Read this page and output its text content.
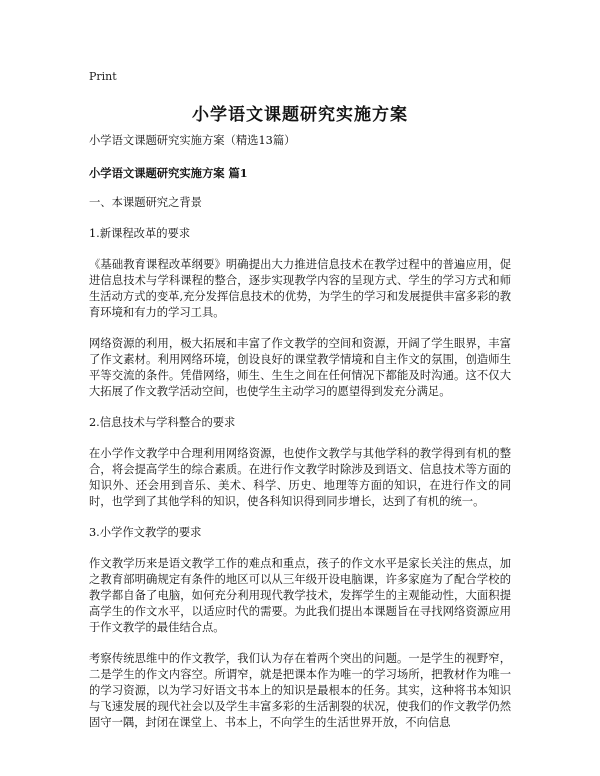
Print
小学语文课题研究实施方案

小学语文课题研究实施方案（精选13篇）

小学语文课题研究实施方案 篇1

一、本课题研究之背景

1.新课程改革的要求

《基础教育课程改革纲要》明确提出大力推进信息技术在教学过程中的普遍应用，促进信息技术与学科课程的整合，逐步实现教学内容的呈现方式、学生的学习方式和师生活动方式的变革,充分发挥信息技术的优势，为学生的学习和发展提供丰富多彩的教育环境和有力的学习工具。

网络资源的利用，极大拓展和丰富了作文教学的空间和资源，开阔了学生眼界，丰富了作文素材。利用网络环境，创设良好的课堂教学情境和自主作文的氛围，创造师生平等交流的条件。凭借网络，师生、生生之间在任何情况下都能及时沟通。这不仅大大拓展了作文教学活动空间，也使学生主动学习的愿望得到发充分满足。

2.信息技术与学科整合的要求

在小学作文教学中合理利用网络资源，也使作文教学与其他学科的教学得到有机的整合，将会提高学生的综合素质。在进行作文教学时除涉及到语文、信息技术等方面的知识外、还会用到音乐、美术、科学、历史、地理等方面的知识，在进行作文的同时，也学到了其他学科的知识，使各科知识得到同步增长，达到了有机的统一。

3.小学作文教学的要求

作文教学历来是语文教学工作的难点和重点，孩子的作文水平是家长关注的焦点，加之教育部明确规定有条件的地区可以从三年级开设电脑课，许多家庭为了配合学校的教学都自备了电脑，如何充分利用现代教学技术，发挥学生的主观能动性，大面积提高学生的作文水平，以适应时代的需要。为此我们提出本课题旨在寻找网络资源应用于作文教学的最佳结合点。

考察传统思维中的作文教学，我们认为存在着两个突出的问题。一是学生的视野窄，二是学生的作文内容空。所谓窄，就是把课本作为唯一的学习场所，把教材作为唯一的学习资源，以为学习好语文书本上的知识是最根本的任务。其实，这种将书本知识与飞速发展的现代社会以及学生丰富多彩的生活割裂的状况，使我们的作文教学仍然固守一隅，封闭在课堂上、书本上，不向学生的生活世界开放，不向信息
